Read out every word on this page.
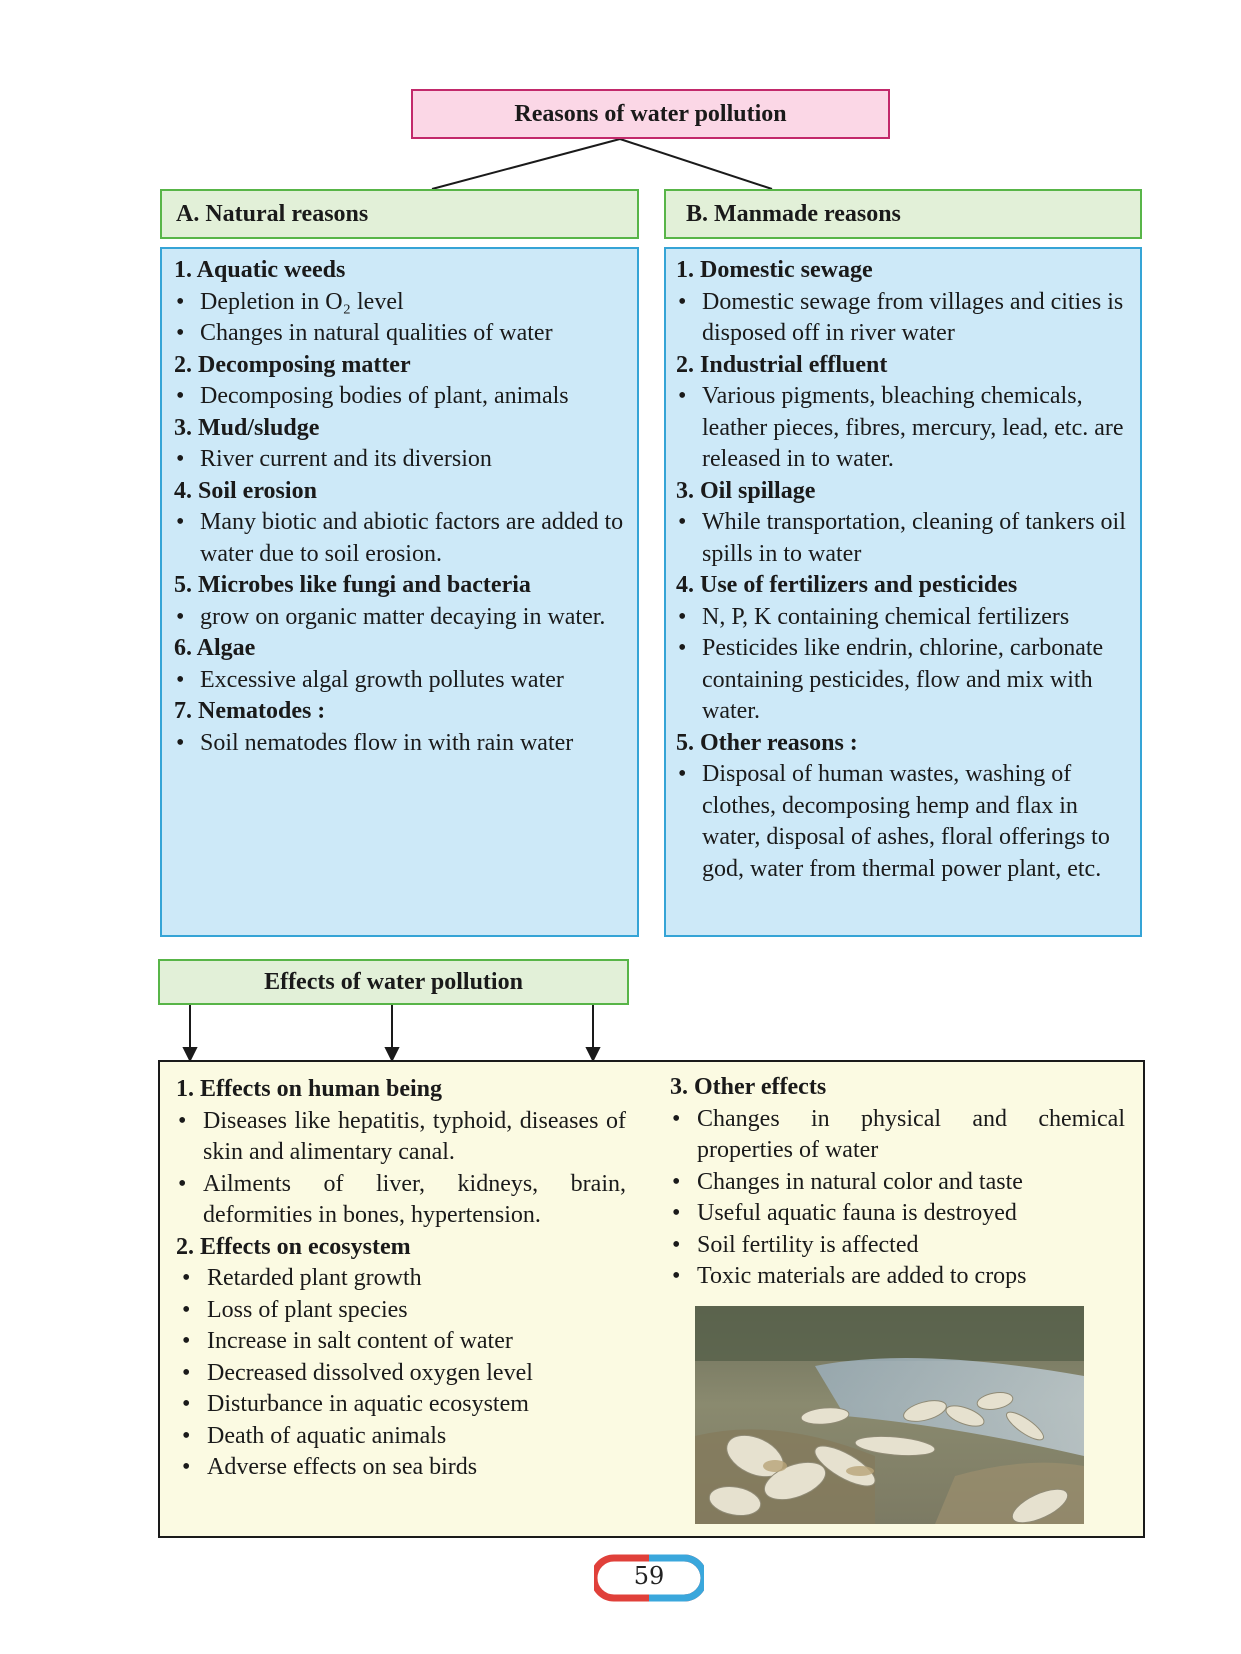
Reasons of water pollution
A. Natural reasons	B. Manmade reasons
1. Aquatic weeds
• Depletion in O₂ level
• Changes in natural qualities of water
2. Decomposing matter
• Decomposing bodies of plant, animals
3. Mud/sludge
• River current and its diversion
4. Soil erosion
• Many biotic and abiotic factors are added to water due to soil erosion.
5. Microbes like fungi and bacteria
• grow on organic matter decaying in water.
6. Algae
• Excessive algal growth pollutes water
7. Nematodes :
• Soil nematodes flow in with rain water
1. Domestic sewage
• Domestic sewage from villages and cities is disposed off in river water
2. Industrial effluent
• Various pigments, bleaching chemicals, leather pieces, fibres, mercury, lead, etc. are released in to water.
3. Oil spillage
• While transportation, cleaning of tankers oil spills in to water
4. Use of fertilizers and pesticides
• N, P, K containing chemical fertilizers
• Pesticides like endrin, chlorine, carbonate containing pesticides, flow and mix with water.
5. Other reasons :
• Disposal of human wastes, washing of clothes, decomposing hemp and flax in water, disposal of ashes, floral offerings to god, water from thermal power plant, etc.
Effects of water pollution
1. Effects on human being
• Diseases like hepatitis, typhoid, diseases of skin and alimentary canal.
• Ailments of liver, kidneys, brain, deformities in bones, hypertension.
2. Effects on ecosystem
• Retarded plant growth
• Loss of plant species
• Increase in salt content of water
• Decreased dissolved oxygen level
• Disturbance in aquatic ecosystem
• Death of aquatic animals
• Adverse effects on sea birds
3. Other effects
• Changes in physical and chemical properties of water
• Changes in natural color and taste
• Useful aquatic fauna is destroyed
• Soil fertility is affected
• Toxic materials are added to crops
59
